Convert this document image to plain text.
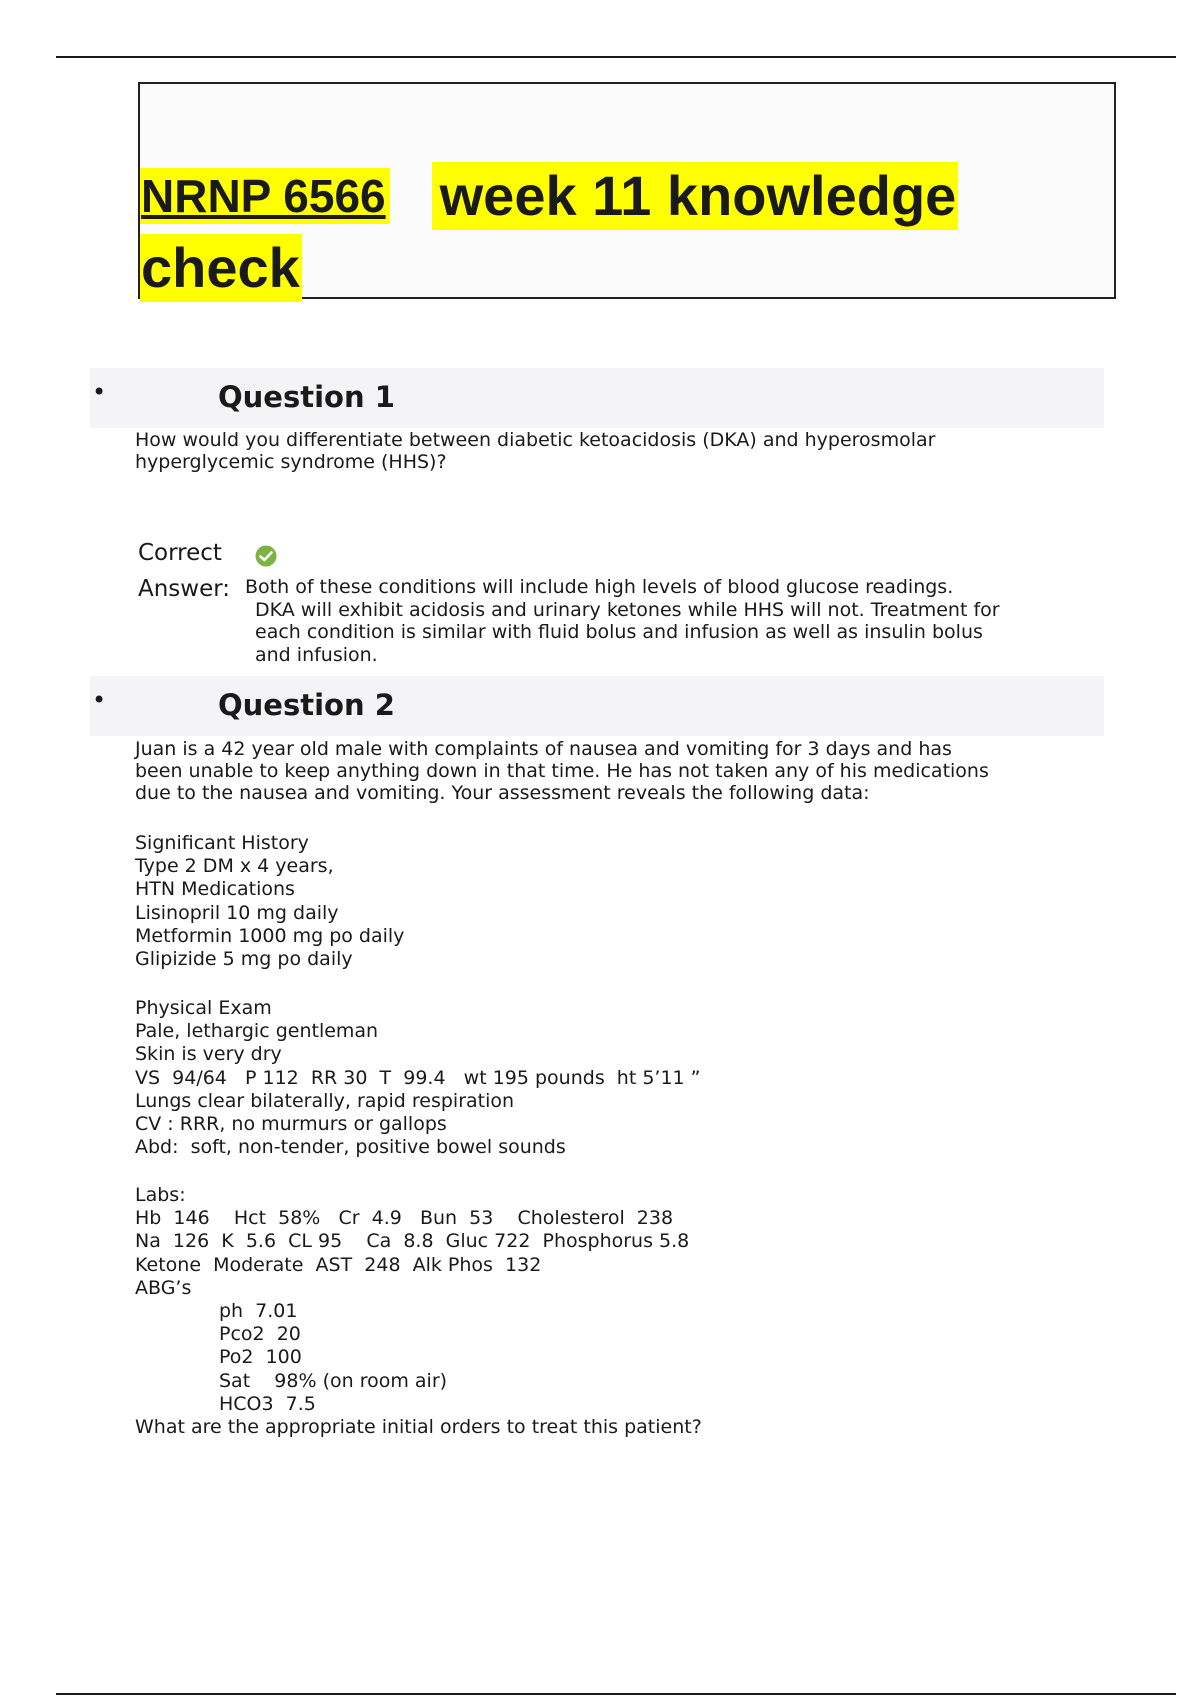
NRNP 6566 week 11 knowledge
check
•	Question 1
How would you differentiate between diabetic ketoacidosis (DKA) and hyperosmolar
hyperglycemic syndrome (HHS)?
Correct
Answer: Both of these conditions will include high levels of blood glucose readings.
DKA will exhibit acidosis and urinary ketones while HHS will not. Treatment for each condition is similar with fluid bolus and infusion as well as insulin bolus and infusion.
•	Question 2
Juan is a 42 year old male with complaints of nausea and vomiting for 3 days and has
been unable to keep anything down in that time. He has not taken any of his medications
due to the nausea and vomiting. Your assessment reveals the following data:
Significant History
Type 2 DM x 4 years,
HTN Medications
Lisinopril 10 mg daily
Metformin 1000 mg po daily
Glipizide 5 mg po daily
Physical Exam
Pale, lethargic gentleman
Skin is very dry
VS  94/64   P 112  RR 30  T  99.4   wt 195 pounds  ht 5’11 ”
Lungs clear bilaterally, rapid respiration
CV : RRR, no murmurs or gallops
Abd:  soft, non-tender, positive bowel sounds
Labs:
Hb  146    Hct  58%   Cr  4.9   Bun  53    Cholesterol  238
Na  126  K  5.6  CL 95    Ca  8.8  Gluc 722  Phosphorus 5.8
Ketone  Moderate  AST  248  Alk Phos  132
ABG’s
ph  7.01
Pco2  20
Po2  100
Sat    98% (on room air)
HCO3  7.5
What are the appropriate initial orders to treat this patient?
